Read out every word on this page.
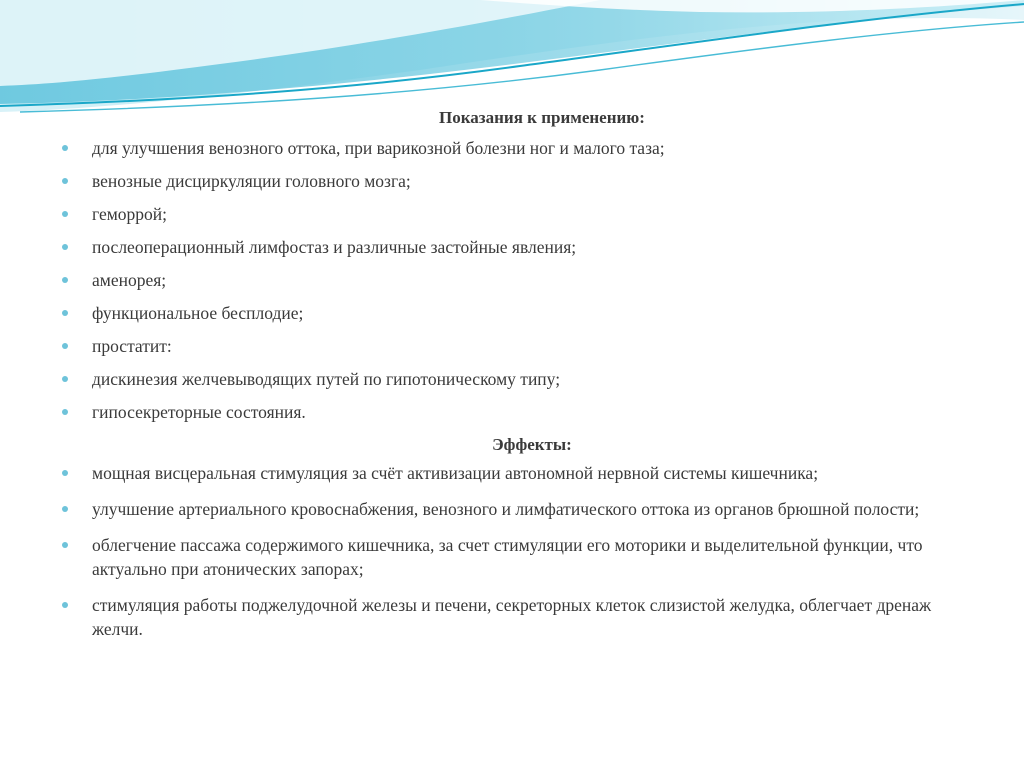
Показания к применению:

для улучшения венозного оттока, при варикозной болезни ног и малого таза;
венозные дисциркуляции головного мозга;
геморрой;
послеоперационный лимфостаз и различные застойные явления;
аменорея;
функциональное бесплодие;
простатит:
дискинезия желчевыводящих путей по гипотоническому типу;
гипосекреторные состояния.

Эффекты:

мощная висцеральная стимуляция за счёт активизации автономной нервной системы кишечника;
улучшение артериального кровоснабжения, венозного и лимфатического оттока из органов брюшной полости;
облегчение пассажа содержимого кишечника, за счет стимуляции его моторики и выделительной функции, что актуально при атонических запорах;
стимуляция работы поджелудочной железы и печени, секреторных клеток слизистой желудка, облегчает дренаж желчи.
